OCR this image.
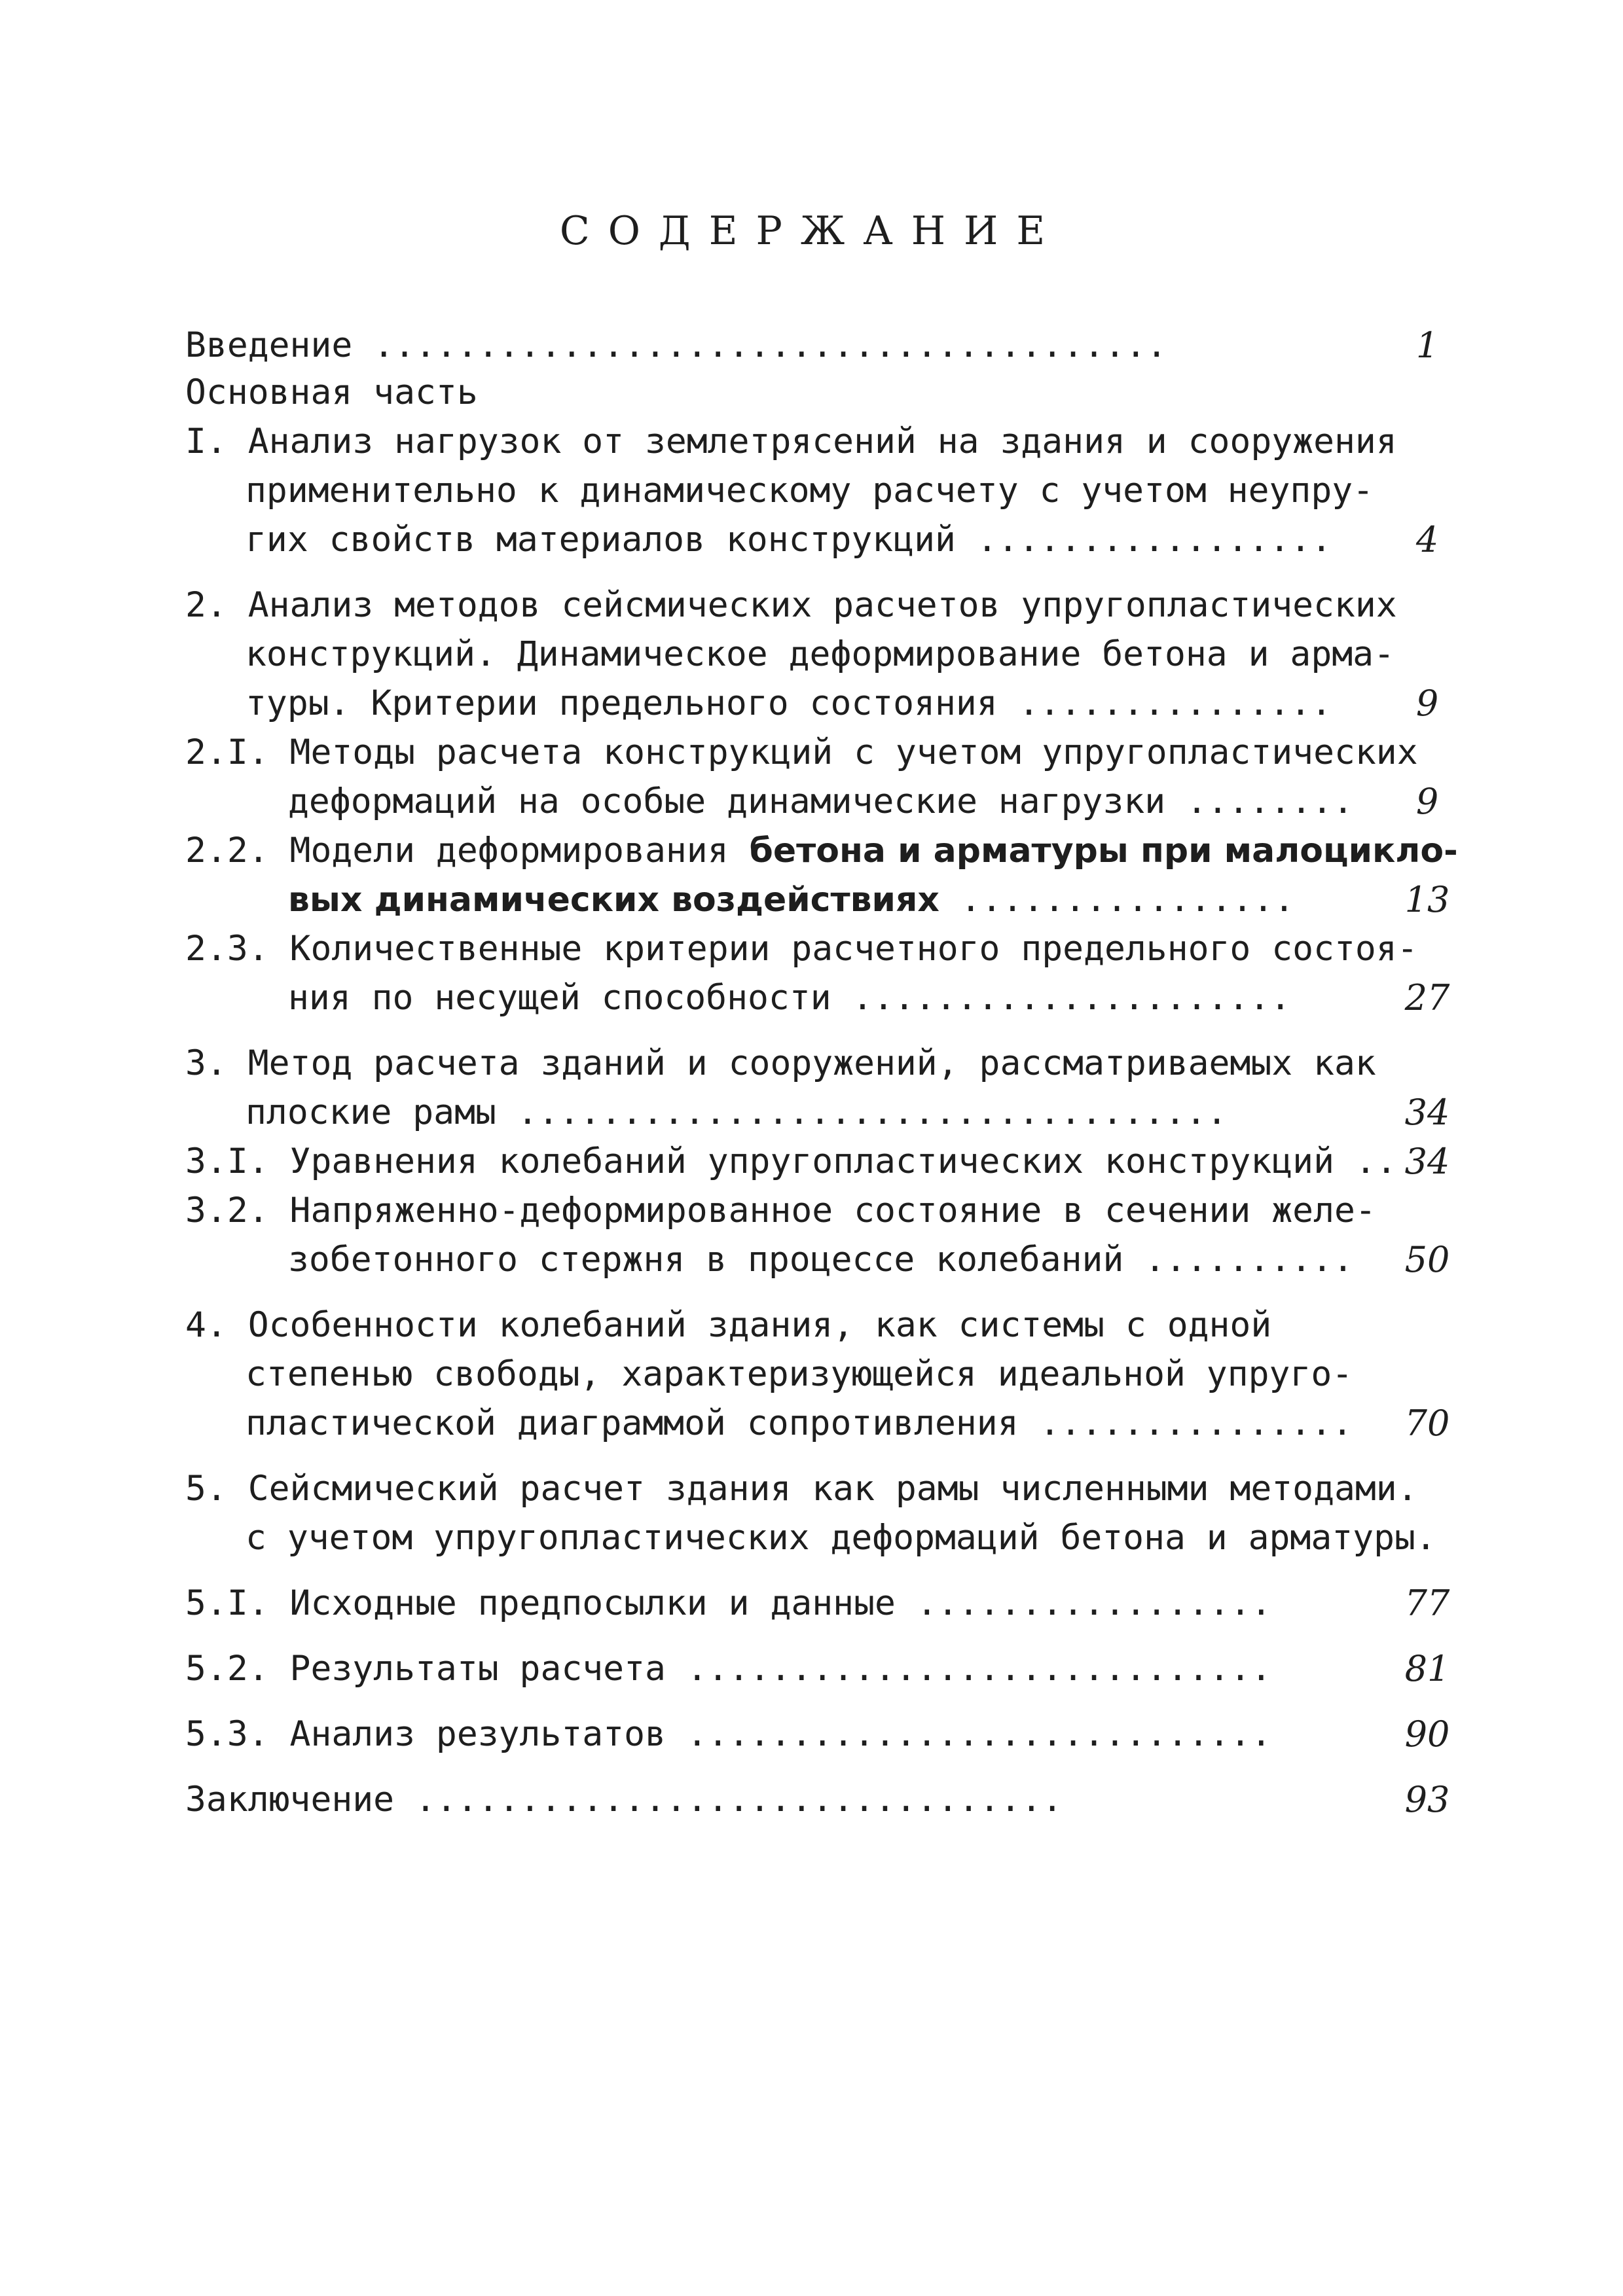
СОДЕРЖАНИЕ
Введение ......................................	1
Основная часть
I. Анализ нагрузок от землетрясений на здания и сооружения
применительно к динамическому расчету с учетом неупру-
гих свойств материалов конструкций .................	4
2. Анализ методов сейсмических расчетов упругопластических
конструкций. Динамическое деформирование бетона и арма-
туры. Критерии предельного состояния ...............	9
2.I. Методы расчета конструкций с учетом упругопластических
деформаций на особые динамические нагрузки ........	9
2.2. Модели деформирования бетона и арматуры при малоцикло-
вых динамических воздействиях ................	13
2.3. Количественные критерии расчетного предельного состоя-
ния по несущей способности .....................	27
3. Метод расчета зданий и сооружений, рассматриваемых как
плоские рамы ..................................	34
3.I. Уравнения колебаний упругопластических конструкций .. 34
3.2. Напряженно-деформированное состояние в сечении желе-
зобетонного стержня в процессе колебаний ..........	50
4. Особенности колебаний здания, как системы с одной
степенью свободы, характеризующейся идеальной упруго-
пластической диаграммой сопротивления ...............	70
5. Сейсмический расчет здания как рамы численными методами.
с учетом упругопластических деформаций бетона и арматуры.
5.I. Исходные предпосылки и данные .................	77
5.2. Результаты расчета ............................	81
5.3. Анализ результатов ............................	90
Заключение ...............................	93
